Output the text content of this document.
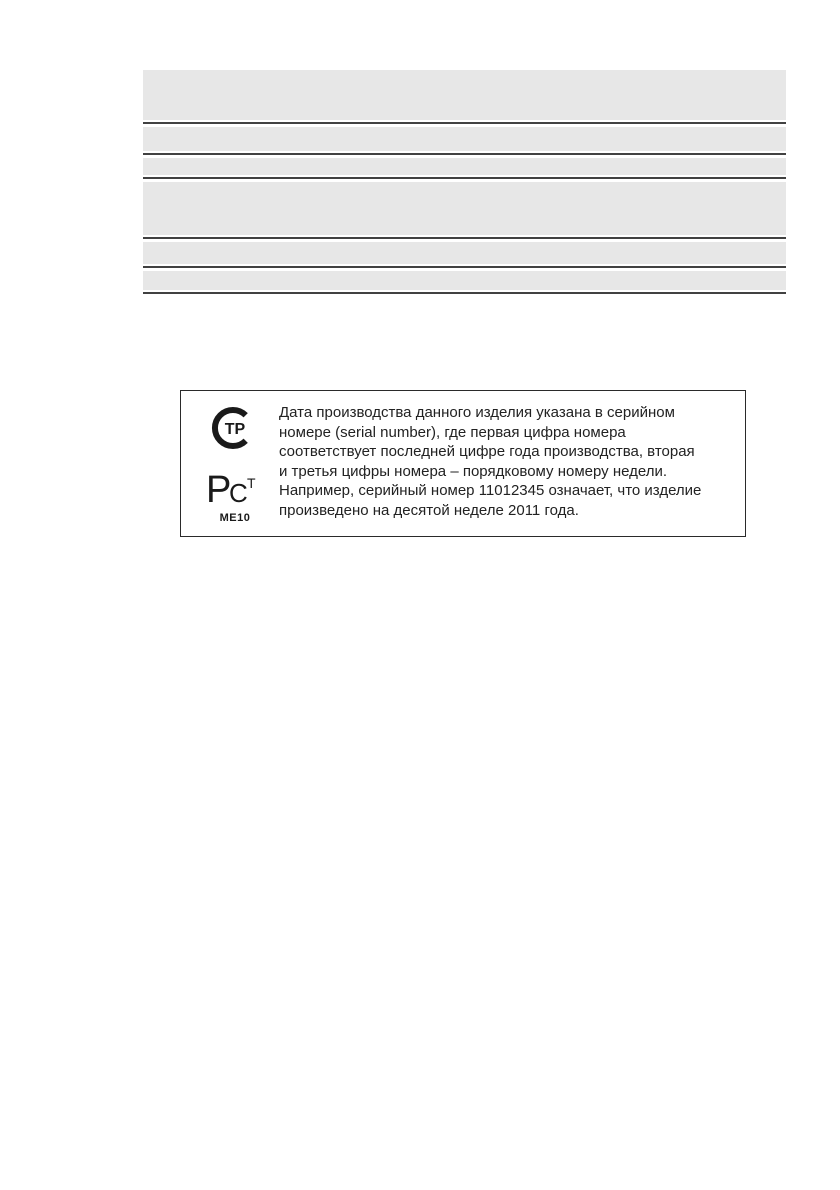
ТР
Р
С Т
МЕ10
Дата производства данного изделия указана в серийном
номере (serial number), где первая цифра номера
соответствует последней цифре года производства, вторая
и третья цифры номера – порядковому номеру недели.
Например, серийный номер 11012345 означает, что изделие
произведено на десятой неделе 2011 года.
